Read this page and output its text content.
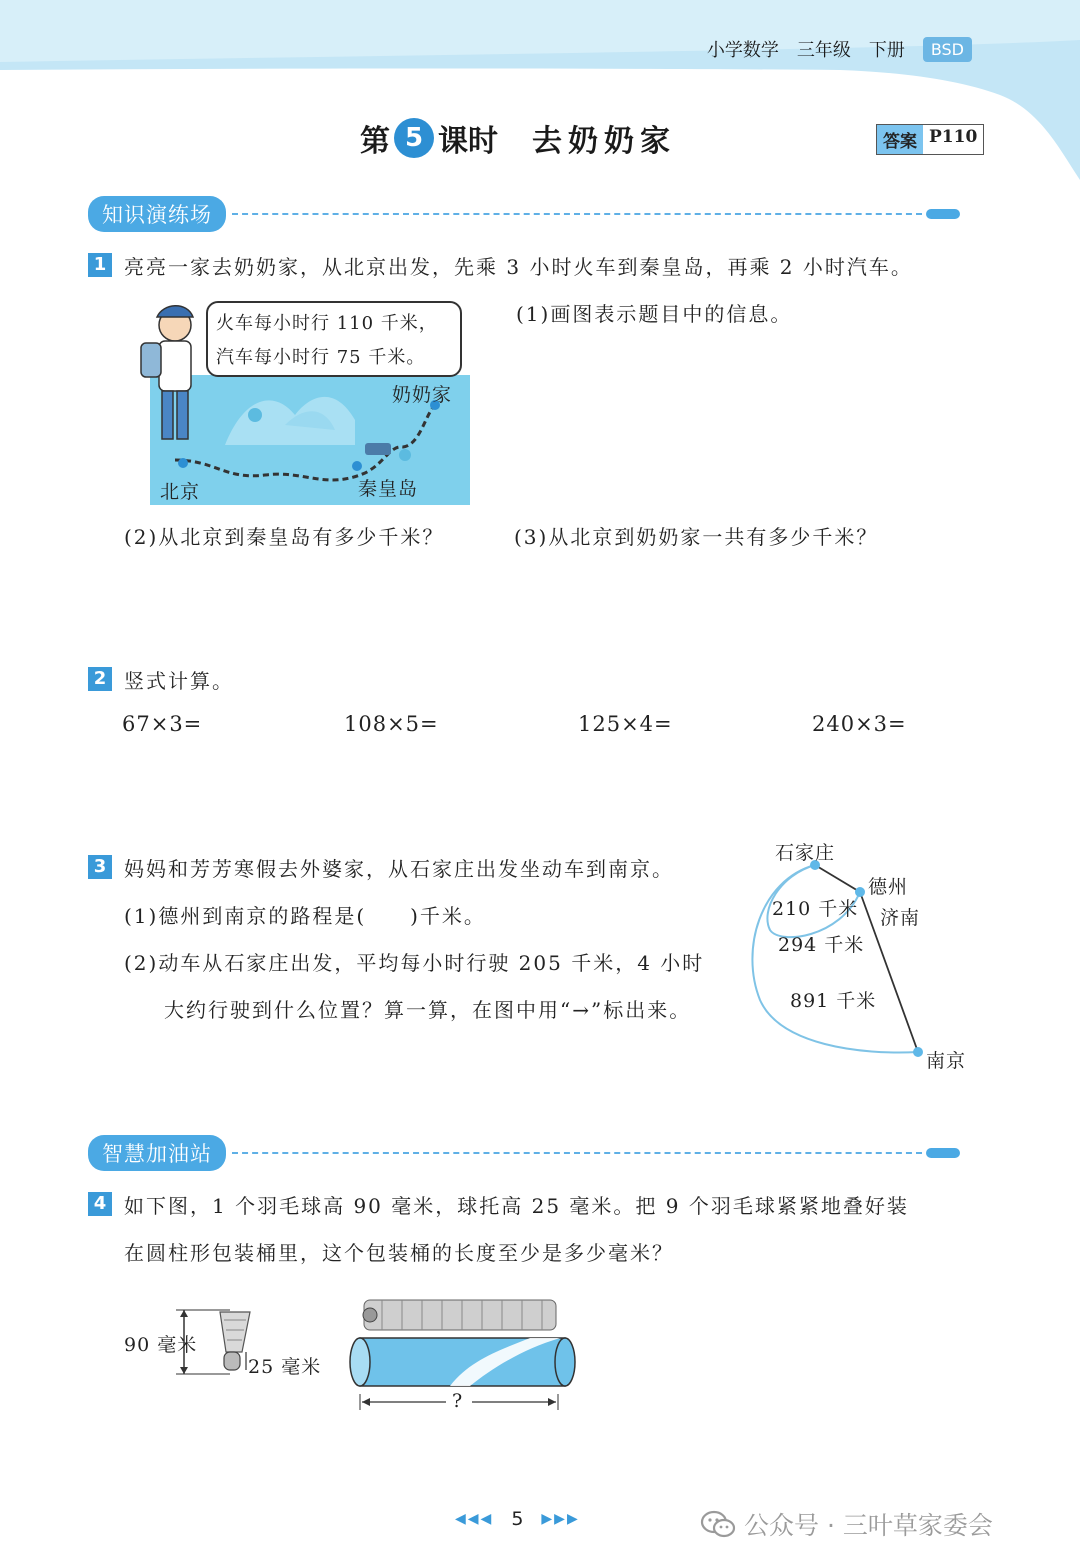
小学数学 三年级 下册	BSD
第 5 课时 去奶奶家	答案 P110
知识演练场
1 亮亮一家去奶奶家，从北京出发，先乘 3 小时火车到秦皇岛，再乘 2 小时汽车。
火车每小时行 110 千米，
汽车每小时行 75 千米。
奶奶家
北京	秦皇岛
(1)画图表示题目中的信息。
(2)从北京到秦皇岛有多少千米？	(3)从北京到奶奶家一共有多少千米？
2 竖式计算。
67×3=	108×5=	125×4=	240×3=
3 妈妈和芳芳寒假去外婆家，从石家庄出发坐动车到南京。
(1)德州到南京的路程是(　　)千米。
(2)动车从石家庄出发，平均每小时行驶 205 千米，4 小时
大约行驶到什么位置？算一算，在图中用“→”标出来。
石家庄
德州
济南
南京
210 千米
294 千米
891 千米
智慧加油站
4 如下图，1 个羽毛球高 90 毫米，球托高 25 毫米。把 9 个羽毛球紧紧地叠好装
在圆柱形包装桶里，这个包装桶的长度至少是多少毫米？
90 毫米
25 毫米
?
◀◀◀ 5 ▶▶▶	公众号 · 三叶草家委会
